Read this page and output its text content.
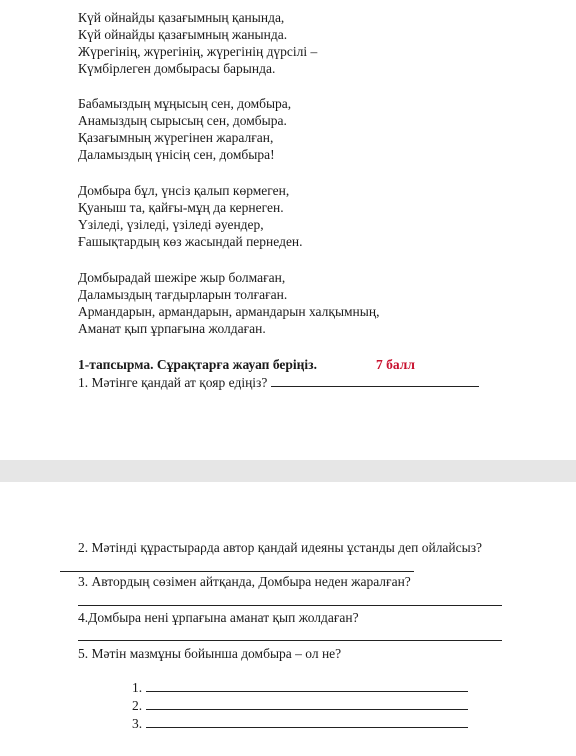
Күй ойнайды қазағымның қанында,
Күй ойнайды қазағымның жанында.
Жүрегінің, жүрегінің, жүрегінің дүрсілі –
Күмбірлеген домбырасы барында.
Бабамыздың мұңысың сен, домбыра,
Анамыздың сырысың сен, домбыра.
Қазағымның жүрегінен жаралған,
Даламыздың үнісің сен, домбыра!
Домбыра бұл, үнсіз қалып көрмеген,
Қуаныш та, қайғы-мұң да кернеген.
Үзіледі, үзіледі, үзіледі әуендер,
Ғашықтардың көз жасындай пернеден.
Домбырадай шежіре жыр болмаған,
Даламыздың тағдырларын толғаған.
Армандарын, армандарын, армандарын халқымның,
Аманат қып ұрпағына жолдаған.
1-тапсырма. Сұрақтарға жауап беріңіз.	7 балл
1. Мәтінге қандай ат қояр едіңіз?
2. Мәтінді құрастыраρда автор қандай идеяны ұстанды деп ойлайсыз?
3. Автордың сөзімен айтқанда, Домбыра неден жаралған?
4.Домбыра нені ұрпағына аманат қып жолдаған?
5. Мәтін мазмұны бойынша домбыра – ол не?
1.
2.
3.
